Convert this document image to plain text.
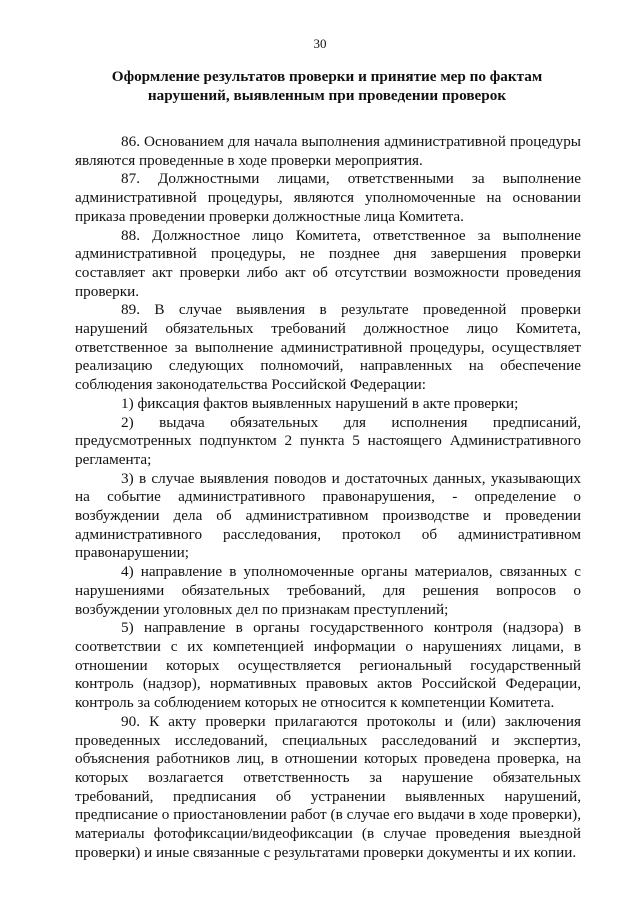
30
Оформление результатов проверки и принятие мер по фактам
нарушений, выявленным при проведении проверок

86. Основанием для начала выполнения административной процедуры являются проведенные в ходе проверки мероприятия.

87. Должностными лицами, ответственными за выполнение административной процедуры, являются уполномоченные на основании приказа проведении проверки должностные лица Комитета.

88. Должностное лицо Комитета, ответственное за выполнение административной процедуры, не позднее дня завершения проверки составляет акт проверки либо акт об отсутствии возможности проведения проверки.

89. В случае выявления в результате проведенной проверки нарушений обязательных требований должностное лицо Комитета, ответственное за выполнение административной процедуры, осуществляет реализацию следующих полномочий, направленных на обеспечение соблюдения законодательства Российской Федерации:

1) фиксация фактов выявленных нарушений в акте проверки;

2) выдача обязательных для исполнения предписаний, предусмотренных подпунктом 2 пункта 5 настоящего Административного регламента;

3) в случае выявления поводов и достаточных данных, указывающих на событие административного правонарушения, - определение о возбуждении дела об административном производстве и проведении административного расследования, протокол об административном правонарушении;

4) направление в уполномоченные органы материалов, связанных с нарушениями обязательных требований, для решения вопросов о возбуждении уголовных дел по признакам преступлений;

5) направление в органы государственного контроля (надзора) в соответствии с их компетенцией информации о нарушениях лицами, в отношении которых осуществляется региональный государственный контроль (надзор), нормативных правовых актов Российской Федерации, контроль за соблюдением которых не относится к компетенции Комитета.

90. К акту проверки прилагаются протоколы и (или) заключения проведенных исследований, специальных расследований и экспертиз, объяснения работников лиц, в отношении которых проведена проверка, на которых возлагается ответственность за нарушение обязательных требований, предписания об устранении выявленных нарушений, предписание о приостановлении работ (в случае его выдачи в ходе проверки), материалы фотофиксации/видеофиксации (в случае проведения выездной проверки) и иные связанные с результатами проверки документы и их копии.
